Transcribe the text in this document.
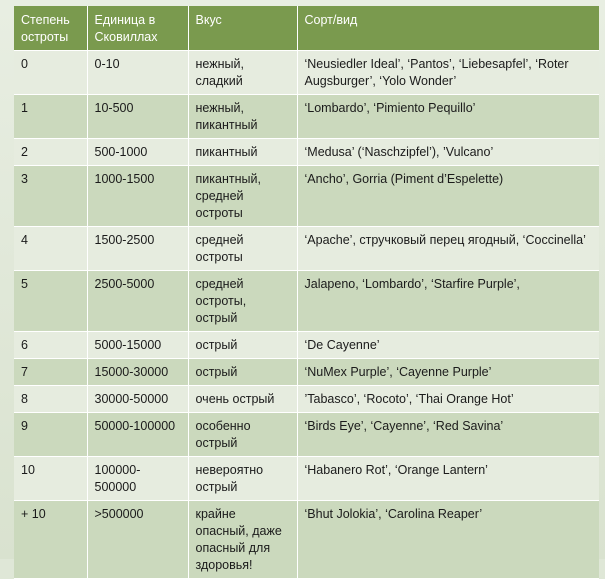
Степень остроты	Единица в Сковиллах	Вкус	Сорт/вид
0	0-10	нежный, сладкий	‘Neusiedler Ideal’, ‘Pantos’, ‘Liebesapfel’, ‘Roter Augsburger’, ‘Yolo Wonder’
1	10-500	нежный, пикантный	‘Lombardo’, ‘Pimiento Pequillo’
2	500-1000	пикантный	‘Medusa’ (‘Naschzipfel’), ’Vulcano’
3	1000-1500	пикантный, средней остроты	‘Ancho’, Gorria (Piment d’Espelette)
4	1500-2500	средней остроты	‘Apache’, стручковый перец ягодный, ‘Coccinella’
5	2500-5000	средней остроты, острый	Jalapeno, ‘Lombardo’, ‘Starfire Purple’,
6	5000-15000	острый	‘De Cayenne’
7	15000-30000	острый	‘NuMex Purple’, ‘Cayenne Purple’
8	30000-50000	очень острый	’Tabasco’, ‘Rocoto’, ‘Thai Orange Hot’
9	50000-100000	особенно острый	‘Birds Eye’, ‘Cayenne’, ‘Red Savina’
10	100000-500000	невероятно острый	‘Habanero Rot’, ‘Orange Lantern’
+ 10	>500000	крайне опасный, даже опасный для здоровья!	‘Bhut Jolokia’, ‘Carolina Reaper’
